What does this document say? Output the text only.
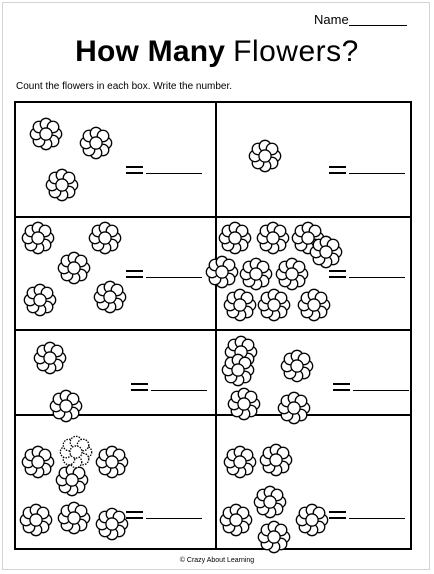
Name
How Many Flowers?
Count the flowers in each box. Write the number.
© Crazy About Learning
